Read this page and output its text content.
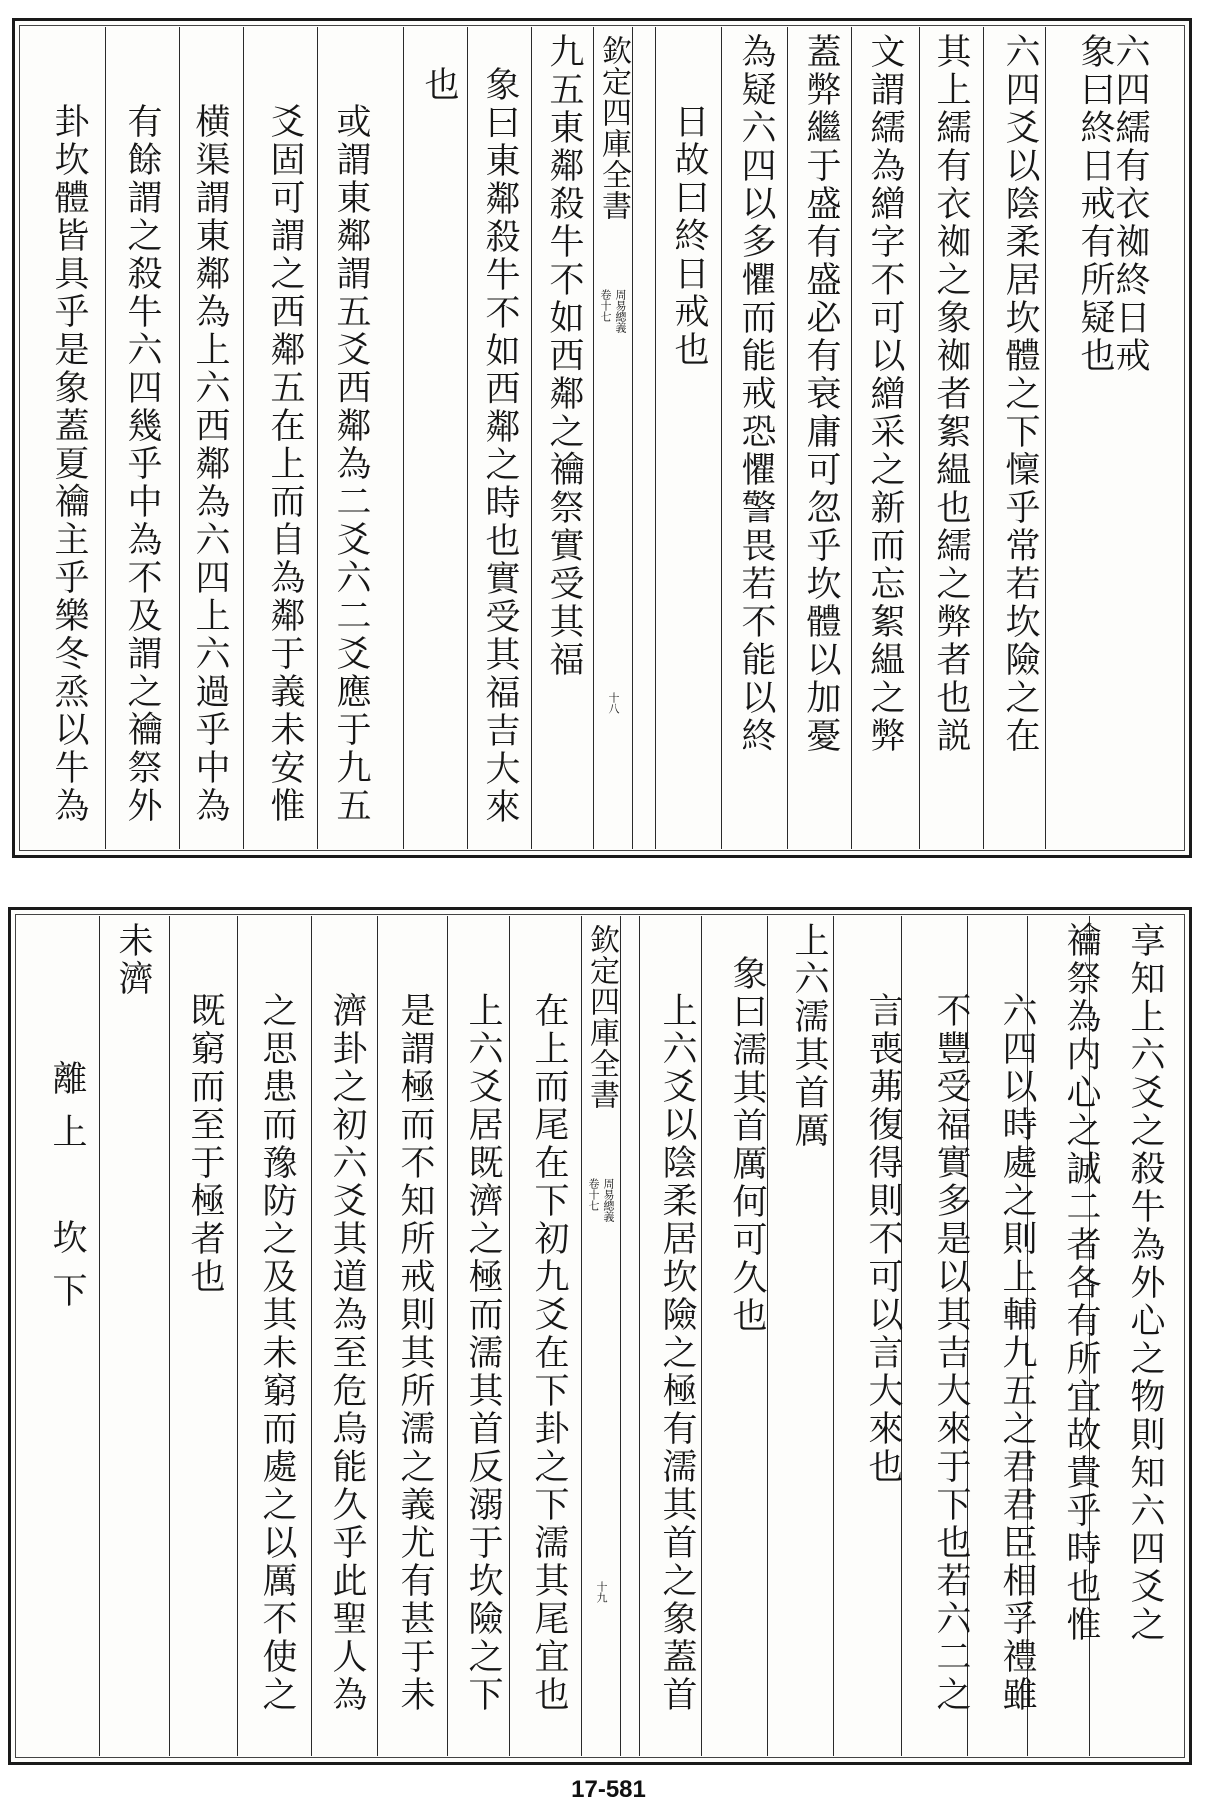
欽定四庫全書
周易總義
卷十七
十八
六四繻有衣袽終日戒
象曰終日戒有所疑也
六四爻以陰柔居坎體之下懍乎常若坎險之在
其上繻有衣袽之象袽者絮緼也繻之弊者也説
文謂繻為繒字不可以繒采之新而忘絮緼之弊
蓋弊繼于盛有盛必有衰庸可忽乎坎體以加憂
為疑六四以多懼而能戒恐懼警畏若不能以終
日故曰終日戒也
九五東鄰殺牛不如西鄰之禴祭實受其福
象曰東鄰殺牛不如西鄰之時也實受其福吉大來
也
或謂東鄰謂五爻西鄰為二爻六二爻應于九五
爻固可謂之西鄰五在上而自為鄰于義未安惟
横渠謂東鄰為上六西鄰為六四上六過乎中為
有餘謂之殺牛六四幾乎中為不及謂之禴祭外
卦坎體皆具乎是象蓋夏禴主乎樂冬烝以牛為
欽定四庫全書
周易總義
卷十七
十九	享知上六爻之殺牛為外心之物則知六四爻之
禴祭為内心之誠二者各有所宜故貴乎時也惟
六四以時處之則上輔九五之君君臣相孚禮雖
不豐受福實多是以其吉大來于下也若六二之
言喪茀復得則不可以言大來也
上六濡其首厲
象曰濡其首厲何可久也
上六爻以陰柔居坎險之極有濡其首之象蓋首
在上而尾在下初九爻在下卦之下濡其尾宜也
上六爻居既濟之極而濡其首反溺于坎險之下
是謂極而不知所戒則其所濡之義尤有甚于未
濟卦之初六爻其道為至危烏能久乎此聖人為
之思患而豫防之及其未窮而處之以厲不使之
既窮而至于極者也
未濟
離上　坎下
17-581
